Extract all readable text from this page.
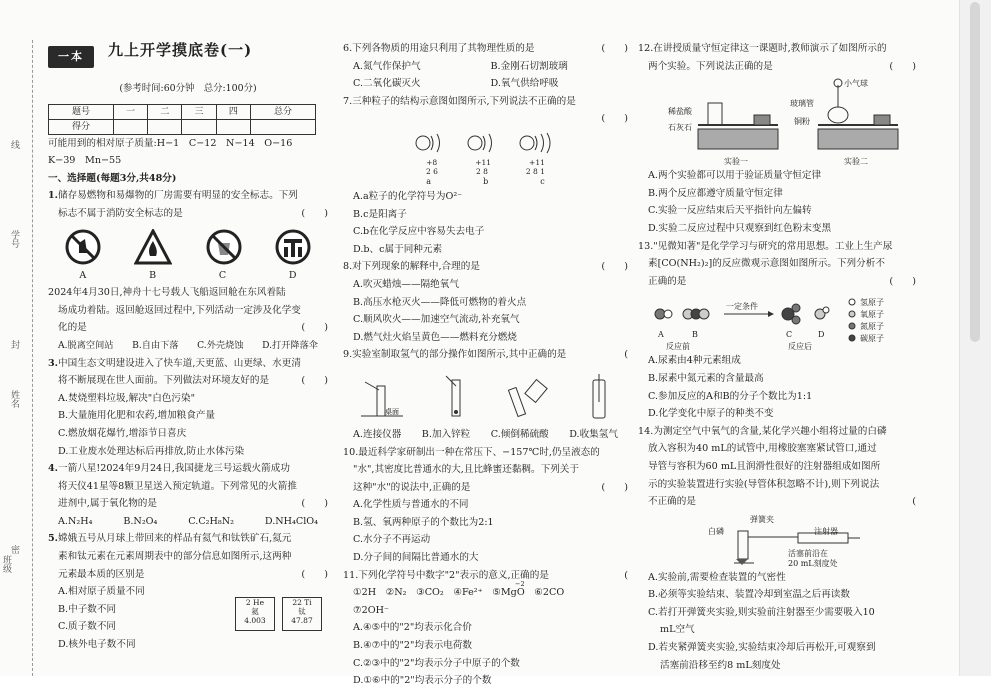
线
学号
封
姓名
密
班级
一本	九上开学摸底卷(一)
(参考时间:60分钟　总分:100分)
题号	一	二	三	四	总分
得分					
可能用到的相对原子质量:H−1　C−12　N−14　O−16
K−39　Mn−55
一、选择题(每题3分,共48分)
1.储存易燃物和易爆物的厂房需要有明显的安全标志。下列
标志不属于消防安全标志的是	(　　)
A	B	C	D
2024年4月30日,神舟十七号载人飞船返回舱在东风着陆
场成功着陆。返回舱返回过程中,下列活动一定涉及化学变
化的是	(　　)
A.脱离空间站 B.自由下落 C.外壳烧蚀 D.打开降落伞
3.中国生态文明建设进入了快车道,天更蓝、山更绿、水更清
将不断展现在世人面前。下列做法对环境友好的是	(　　)
A.焚烧塑料垃圾,解决"白色污染"
B.大量施用化肥和农药,增加粮食产量
C.燃放烟花爆竹,增添节日喜庆
D.工业废水处理达标后再排放,防止水体污染
4.一箭八星!2024年9月24日,我国捷龙三号运载火箭成功
将天仪41星等8颗卫星送入预定轨道。下列常见的火箭推
进剂中,属于氧化物的是	(　　)
A.N₂H₄	B.N₂O₄	C.C₂H₈N₂	D.NH₄ClO₄
5.嫦娥五号从月球上带回来的样品有氦气和钛铁矿石,氦元
素和钛元素在元素周期表中的部分信息如图所示,这两种
元素最本质的区别是	(　　)
A.相对原子质量不同
B.中子数不同
C.质子数不同
D.核外电子数不同
2 He
氦
4.003

22 Ti
钛
47.87
6.下列各物质的用途只利用了其物理性质的是	(　　)
A.氮气作保护气	B.金刚石切割玻璃
C.二氧化碳灭火	D.氧气供给呼吸
7.三种粒子的结构示意图如图所示,下列说法不正确的是
(　　)
+8	+11	+11
2 6	2 8	2 8 1
a	b	c
A.a粒子的化学符号为O²⁻
B.c是阳离子
C.b在化学反应中容易失去电子
D.b、c属于同种元素
8.对下列现象的解释中,合理的是	(　　)
A.吹灭蜡烛——隔绝氧气
B.高压水枪灭火——降低可燃物的着火点
C.顺风吹火——加速空气流动,补充氧气
D.燃气灶火焰呈黄色——燃料充分燃烧
9.实验室制取氢气的部分操作如图所示,其中正确的是	(
桌面
A.连接仪器 B.加入锌粒 C.倾倒稀硫酸 D.收集氢气
10.最近科学家研制出一种在常压下、−157℃时,仍呈液态的
"水",其密度比普通水的大,且比蜂蜜还黏稠。下列关于
这种"水"的说法中,正确的是	(　　)
A.化学性质与普通水的不同
B.氢、氧两种原子的个数比为2:1
C.水分子不再运动
D.分子间的间隔比普通水的大
11.下列化学符号中数字"2"表示的意义,正确的是	(
①2H　②N₂　③CO₂　④Fe²⁺　⑤MgO　⑥2CO
−2
⑦2OH⁻
A.④⑤中的"2"均表示化合价
B.④⑦中的"2"均表示电荷数
C.②③中的"2"均表示分子中原子的个数
D.①⑥中的"2"均表示分子的个数
12.在讲授质量守恒定律这一课题时,教师演示了如图所示的
两个实验。下列说法正确的是	(　　)
稀盐酸
石灰石
小气球
玻璃管
铜粉
实验一	实验二
A.两个实验都可以用于验证质量守恒定律
B.两个反应都遵守质量守恒定律
C.实验一反应结束后天平指针向左偏转
D.实验二反应过程中只观察到红色粉末变黑
13."见微知著"是化学学习与研究的常用思想。工业上生产尿
素[CO(NH₂)₂]的反应微观示意图如图所示。下列分析不
正确的是	(　　)
一定条件
A	B	C	D
反应前	反应后
氢原子
氧原子
氮原子
碳原子
A.尿素由4种元素组成
B.尿素中氮元素的含量最高
C.参加反应的A和B的分子个数比为1:1
D.化学变化中原子的种类不变
14.为测定空气中氧气的含量,某化学兴趣小组将过量的白磷
放入容积为40 mL的试管中,用橡胶塞塞紧试管口,通过
导管与容积为60 mL且润滑性很好的注射器组成如图所
示的实验装置进行实验(导管体积忽略不计),则下列说法
不正确的是	(
弹簧夹
白磷	注射器
活塞前沿在
20 mL刻度处
A.实验前,需要检查装置的气密性
B.必须等实验结束、装置冷却到室温之后再读数
C.若打开弹簧夹实验,则实验前注射器至少需要吸入10
mL空气
D.若夹紧弹簧夹实验,实验结束冷却后再松开,可观察到
活塞前沿移至约8 mL刻度处
